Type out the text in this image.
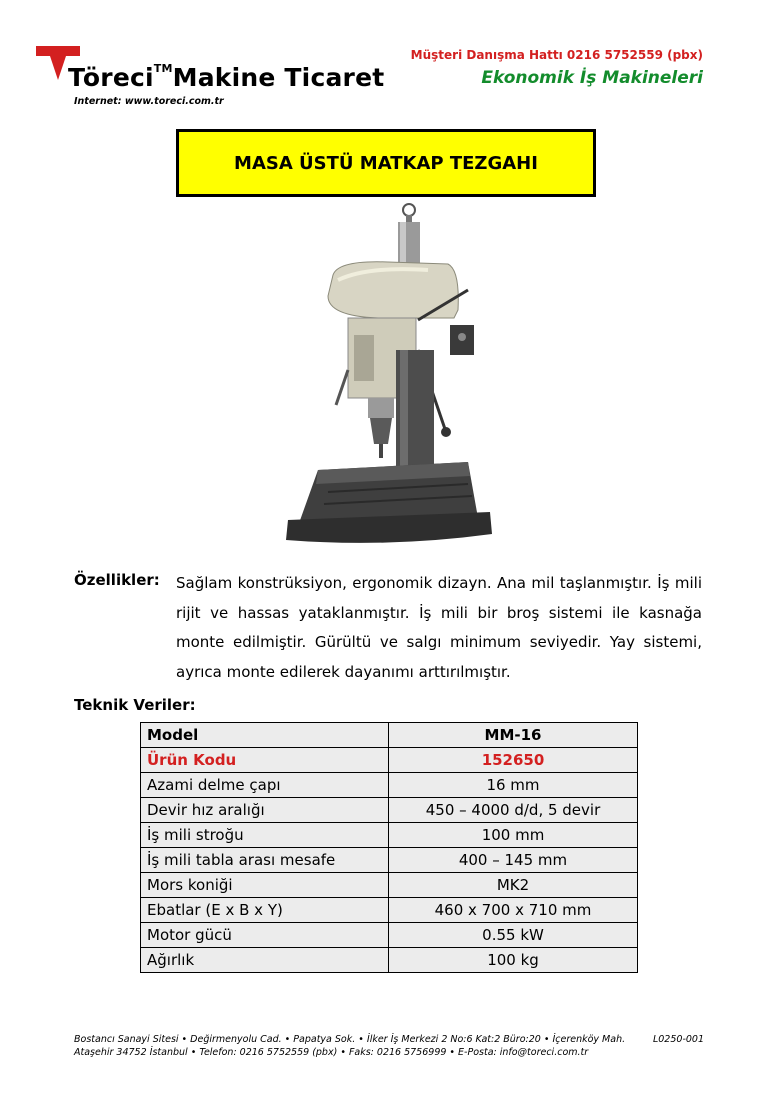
Töreci™Makine Ticaret
Internet: www.toreci.com.tr
Müşteri Danışma Hattı 0216 5752559 (pbx)
Ekonomik İş Makineleri
MASA ÜSTÜ MATKAP TEZGAHI
Özellikler: Sağlam konstrüksiyon, ergonomik dizayn. Ana mil taşlanmıştır. İş mili rijit ve hassas yataklanmıştır. İş mili bir broş sistemi ile kasnağa monte edilmiştir. Gürültü ve salgı minimum seviyedir. Yay sistemi, ayrıca monte edilerek dayanımı arttırılmıştır.
Teknik Veriler:
Model	MM-16
Ürün Kodu	152650
Azami delme çapı	16 mm
Devir hız aralığı	450 – 4000 d/d, 5 devir
İş mili stroğu	100 mm
İş mili tabla arası mesafe	400 – 145 mm
Mors koniği	MK2
Ebatlar (E x B x Y)	460 x 700 x 710 mm
Motor gücü	0.55 kW
Ağırlık	100 kg
Bostancı Sanayi Sitesi • Değirmenyolu Cad. • Papatya Sok. • İlker İş Merkezi 2 No:6 Kat:2 Büro:20 • İçerenköy Mah.
Ataşehir 34752 İstanbul • Telefon: 0216 5752559 (pbx) • Faks: 0216 5756999 • E-Posta: info@toreci.com.tr
L0250-001
